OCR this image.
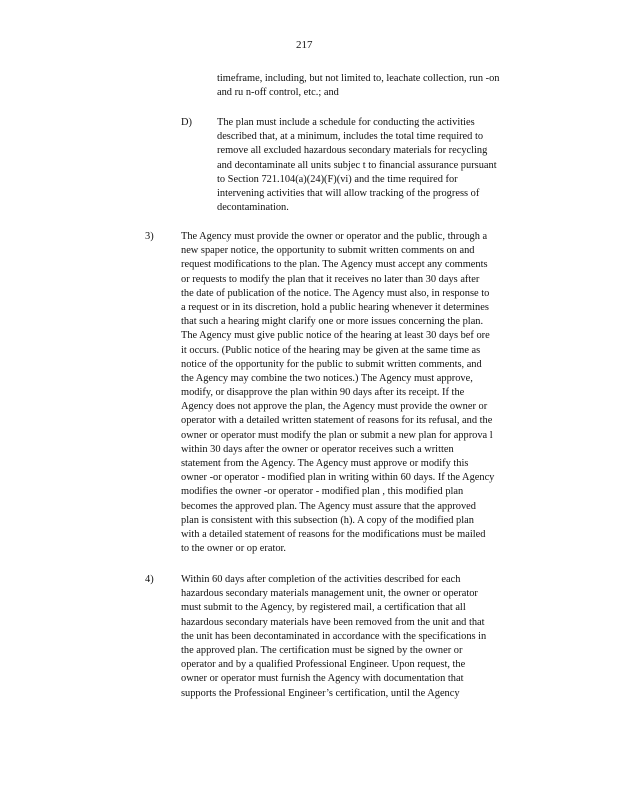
217
timeframe, including, but not limited to, leachate collection, run -on
and ru n-off control, etc.; and
D) The plan must include a schedule for conducting the activities
described that, at a minimum, includes the total time required to
remove all excluded hazardous secondary materials for recycling
and decontaminate all units subjec t to financial assurance pursuant
to Section 721.104(a)(24)(F)(vi) and the time required for
intervening activities that will allow tracking of the progress of
decontamination.
3)	The Agency must provide the owner or operator and the public, through a
new spaper notice, the opportunity to submit written comments on and
request modifications to the plan. The Agency must accept any comments
or requests to modify the plan that it receives no later than 30 days after
the date of publication of the notice. The Agency must also, in response to
a request or in its discretion, hold a public hearing whenever it determines
that such a hearing might clarify one or more issues concerning the plan.
The Agency must give public notice of the hearing at least 30 days bef ore
it occurs. (Public notice of the hearing may be given at the same time as
notice of the opportunity for the public to submit written comments, and
the Agency may combine the two notices.) The Agency must approve,
modify, or disapprove the plan within 90 days after its receipt. If the
Agency does not approve the plan, the Agency must provide the owner or
operator with a detailed written statement of reasons for its refusal, and the
owner or operator must modify the plan or submit a new plan for approva l
within 30 days after the owner or operator receives such a written
statement from the Agency. The Agency must approve or modify this
owner -or operator - modified plan in writing within 60 days. If the Agency
modifies the owner -or operator - modified plan , this modified plan
becomes the approved plan. The Agency must assure that the approved
plan is consistent with this subsection (h). A copy of the modified plan
with a detailed statement of reasons for the modifications must be mailed
to the owner or op erator.
4)	Within 60 days after completion of the activities described for each
hazardous secondary materials management unit, the owner or operator
must submit to the Agency, by registered mail, a certification that all
hazardous secondary materials have been removed from the unit and that
the unit has been decontaminated in accordance with the specifications in
the approved plan. The certification must be signed by the owner or
operator and by a qualified Professional Engineer. Upon request, the
owner or operator must furnish the Agency with documentation that
supports the Professional Engineer’s certification, until the Agency
